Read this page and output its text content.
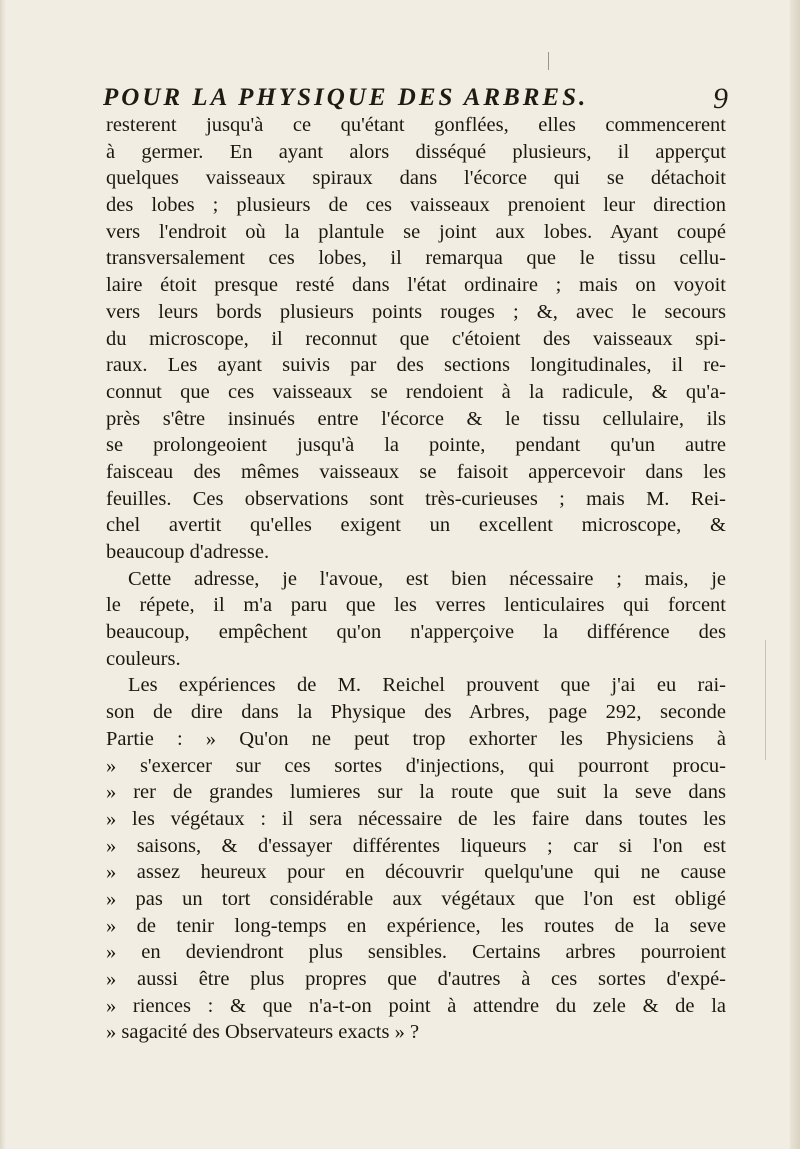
POUR LA PHYSIQUE DES ARBRES.	9
resterent jusqu'à ce qu'étant gonflées, elles commencerent
à germer. En ayant alors disséqué plusieurs, il apperçut
quelques vaisseaux spiraux dans l'écorce qui se détachoit
des lobes ; plusieurs de ces vaisseaux prenoient leur direction
vers l'endroit où la plantule se joint aux lobes. Ayant coupé
transversalement ces lobes, il remarqua que le tissu cellu-
laire étoit presque resté dans l'état ordinaire ; mais on voyoit
vers leurs bords plusieurs points rouges ; &, avec le secours
du microscope, il reconnut que c'étoient des vaisseaux spi-
raux. Les ayant suivis par des sections longitudinales, il re-
connut que ces vaisseaux se rendoient à la radicule, & qu'a-
près s'être insinués entre l'écorce & le tissu cellulaire, ils
se prolongeoient jusqu'à la pointe, pendant qu'un autre
faisceau des mêmes vaisseaux se faisoit appercevoir dans les
feuilles. Ces observations sont très-curieuses ; mais M. Rei-
chel avertit qu'elles exigent un excellent microscope, &
beaucoup d'adresse.
Cette adresse, je l'avoue, est bien nécessaire ; mais, je
le répete, il m'a paru que les verres lenticulaires qui forcent
beaucoup, empêchent qu'on n'apperçoive la différence des
couleurs.
Les expériences de M. Reichel prouvent que j'ai eu rai-
son de dire dans la Physique des Arbres, page 292, seconde
Partie : » Qu'on ne peut trop exhorter les Physiciens à
» s'exercer sur ces sortes d'injections, qui pourront procu-
» rer de grandes lumieres sur la route que suit la seve dans
» les végétaux : il sera nécessaire de les faire dans toutes les
» saisons, & d'essayer différentes liqueurs ; car si l'on est
» assez heureux pour en découvrir quelqu'une qui ne cause
» pas un tort considérable aux végétaux que l'on est obligé
» de tenir long-temps en expérience, les routes de la seve
» en deviendront plus sensibles. Certains arbres pourroient
» aussi être plus propres que d'autres à ces sortes d'expé-
» riences : & que n'a-t-on point à attendre du zele & de la
» sagacité des Observateurs exacts » ?
